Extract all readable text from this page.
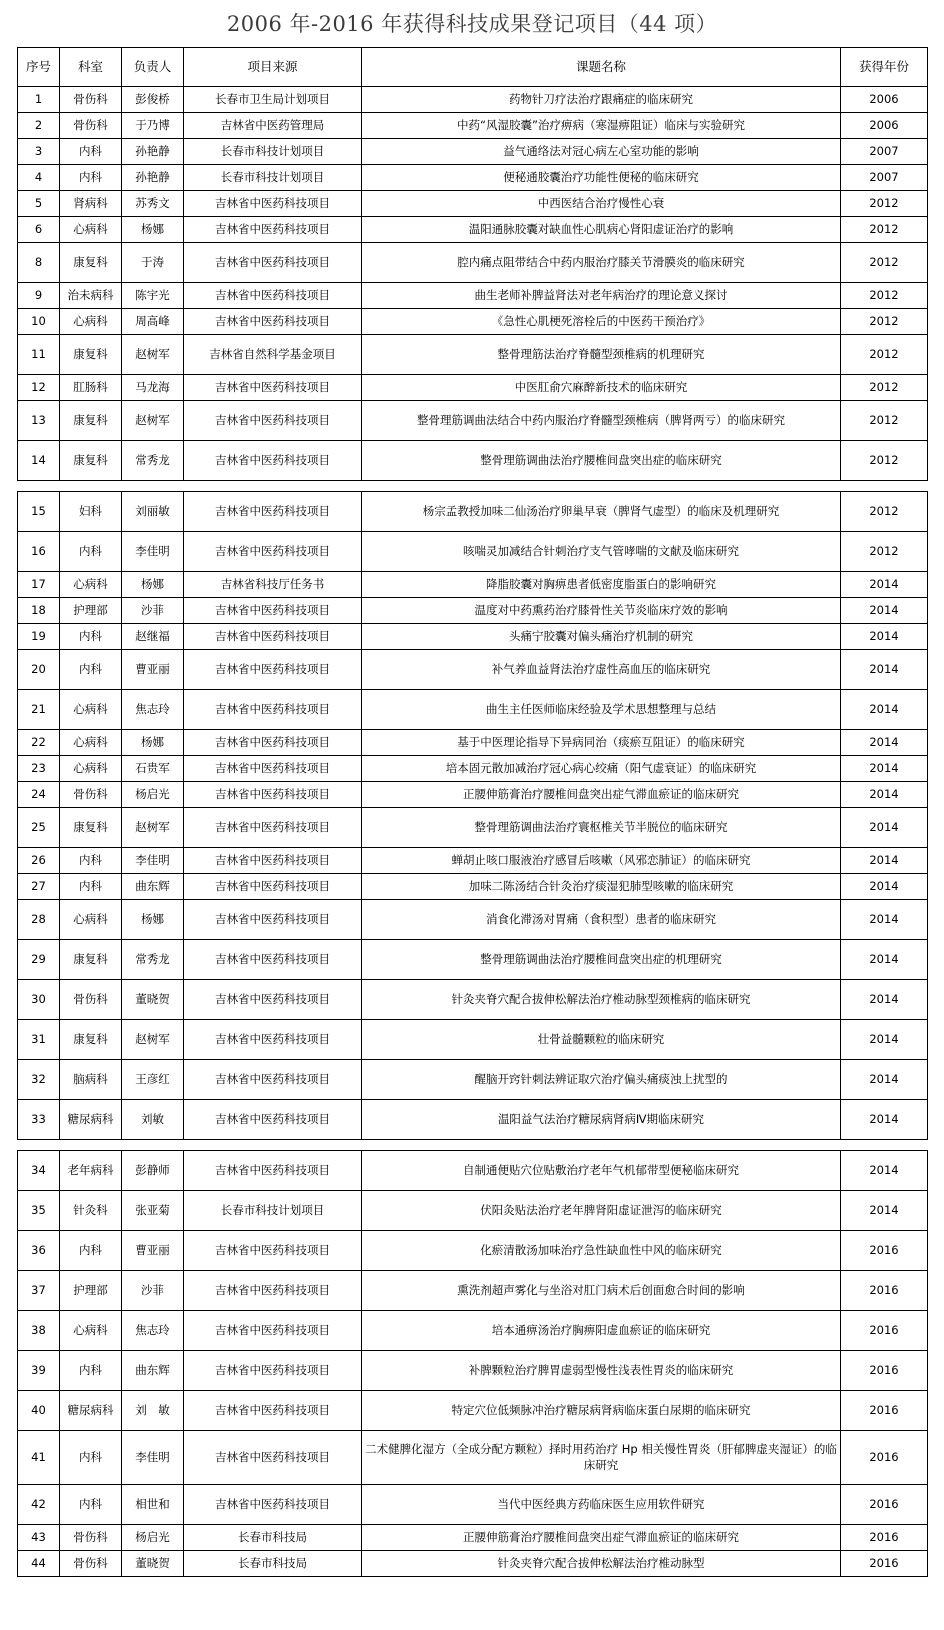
2006 年-2016 年获得科技成果登记项目（44 项）
序号	科室	负责人	项目来源	课题名称	获得年份
1	骨伤科	彭俊桥	长春市卫生局计划项目	药物针刀疗法治疗跟痛症的临床研究	2006
2	骨伤科	于乃博	吉林省中医药管理局	中药“风湿胶囊”治疗痹病（寒湿痹阻证）临床与实验研究	2006
3	内科	孙艳静	长春市科技计划项目	益气通络法对冠心病左心室功能的影响	2007
4	内科	孙艳静	长春市科技计划项目	便秘通胶囊治疗功能性便秘的临床研究	2007
5	肾病科	苏秀文	吉林省中医药科技项目	中西医结合治疗慢性心衰	2012
6	心病科	杨娜	吉林省中医药科技项目	温阳通脉胶囊对缺血性心肌病心肾阳虚证治疗的影响	2012
8	康复科	于涛	吉林省中医药科技项目	腔内痛点阻带结合中药内服治疗膝关节滑膜炎的临床研究	2012
9	治未病科	陈宇光	吉林省中医药科技项目	曲生老师补脾益肾法对老年病治疗的理论意义探讨	2012
10	心病科	周高峰	吉林省中医药科技项目	《急性心肌梗死溶栓后的中医药干预治疗》	2012
11	康复科	赵树军	吉林省自然科学基金项目	整骨理筋法治疗脊髓型颈椎病的机理研究	2012
12	肛肠科	马龙海	吉林省中医药科技项目	中医肛俞穴麻醉新技术的临床研究	2012
13	康复科	赵树军	吉林省中医药科技项目	整骨理筋调曲法结合中药内服治疗脊髓型颈椎病（脾肾两亏）的临床研究	2012
14	康复科	常秀龙	吉林省中医药科技项目	整骨理筋调曲法治疗腰椎间盘突出症的临床研究	2012
15	妇科	刘丽敏	吉林省中医药科技项目	杨宗孟教授加味二仙汤治疗卵巢早衰（脾肾气虚型）的临床及机理研究	2012
16	内科	李佳明	吉林省中医药科技项目	咳喘灵加减结合针刺治疗支气管哮喘的文献及临床研究	2012
17	心病科	杨娜	吉林省科技厅任务书	降脂胶囊对胸痹患者低密度脂蛋白的影响研究	2014
18	护理部	沙菲	吉林省中医药科技项目	温度对中药熏药治疗膝骨性关节炎临床疗效的影响	2014
19	内科	赵继福	吉林省中医药科技项目	头痛宁胶囊对偏头痛治疗机制的研究	2014
20	内科	曹亚丽	吉林省中医药科技项目	补气养血益肾法治疗虚性高血压的临床研究	2014
21	心病科	焦志玲	吉林省中医药科技项目	曲生主任医师临床经验及学术思想整理与总结	2014
22	心病科	杨娜	吉林省中医药科技项目	基于中医理论指导下异病同治（痰瘀互阻证）的临床研究	2014
23	心病科	石贵军	吉林省中医药科技项目	培本固元散加减治疗冠心病心绞痛（阳气虚衰证）的临床研究	2014
24	骨伤科	杨启光	吉林省中医药科技项目	正腰伸筋膏治疗腰椎间盘突出症气滞血瘀证的临床研究	2014
25	康复科	赵树军	吉林省中医药科技项目	整骨理筋调曲法治疗寰枢椎关节半脱位的临床研究	2014
26	内科	李佳明	吉林省中医药科技项目	蝉胡止咳口服液治疗感冒后咳嗽（风邪恋肺证）的临床研究	2014
27	内科	曲东辉	吉林省中医药科技项目	加味二陈汤结合针灸治疗痰湿犯肺型咳嗽的临床研究	2014
28	心病科	杨娜	吉林省中医药科技项目	消食化滞汤对胃痛（食积型）患者的临床研究	2014
29	康复科	常秀龙	吉林省中医药科技项目	整骨理筋调曲法治疗腰椎间盘突出症的机理研究	2014
30	骨伤科	董晓贺	吉林省中医药科技项目	针灸夹脊穴配合拔伸松解法治疗椎动脉型颈椎病的临床研究	2014
31	康复科	赵树军	吉林省中医药科技项目	壮骨益髓颗粒的临床研究	2014
32	脑病科	王彦红	吉林省中医药科技项目	醒脑开窍针刺法辨证取穴治疗偏头痛痰浊上扰型的	2014
33	糖尿病科	刘敏	吉林省中医药科技项目	温阳益气法治疗糖尿病肾病Ⅳ期临床研究	2014
34	老年病科	彭静师	吉林省中医药科技项目	自制通便贴穴位贴敷治疗老年气机郁带型便秘临床研究	2014
35	针灸科	张亚菊	长春市科技计划项目	伏阳灸贴法治疗老年脾肾阳虚证泄泻的临床研究	2014
36	内科	曹亚丽	吉林省中医药科技项目	化瘀清散汤加味治疗急性缺血性中风的临床研究	2016
37	护理部	沙菲	吉林省中医药科技项目	熏洗剂超声雾化与坐浴对肛门病术后创面愈合时间的影响	2016
38	心病科	焦志玲	吉林省中医药科技项目	培本通痹汤治疗胸痹阳虚血瘀证的临床研究	2016
39	内科	曲东辉	吉林省中医药科技项目	补脾颗粒治疗脾胃虚弱型慢性浅表性胃炎的临床研究	2016
40	糖尿病科	刘　敏	吉林省中医药科技项目	特定穴位低频脉冲治疗糖尿病肾病临床蛋白尿期的临床研究	2016
41	内科	李佳明	吉林省中医药科技项目	二术健脾化湿方（全成分配方颗粒）择时用药治疗 Hp 相关慢性胃炎（肝郁脾虚夹湿证）的临床研究	2016
42	内科	相世和	吉林省中医药科技项目	当代中医经典方药临床医生应用软件研究	2016
43	骨伤科	杨启光	长春市科技局	正腰伸筋膏治疗腰椎间盘突出症气滞血瘀证的临床研究	2016
44	骨伤科	董晓贺	长春市科技局	针灸夹脊穴配合拔伸松解法治疗椎动脉型	2016
